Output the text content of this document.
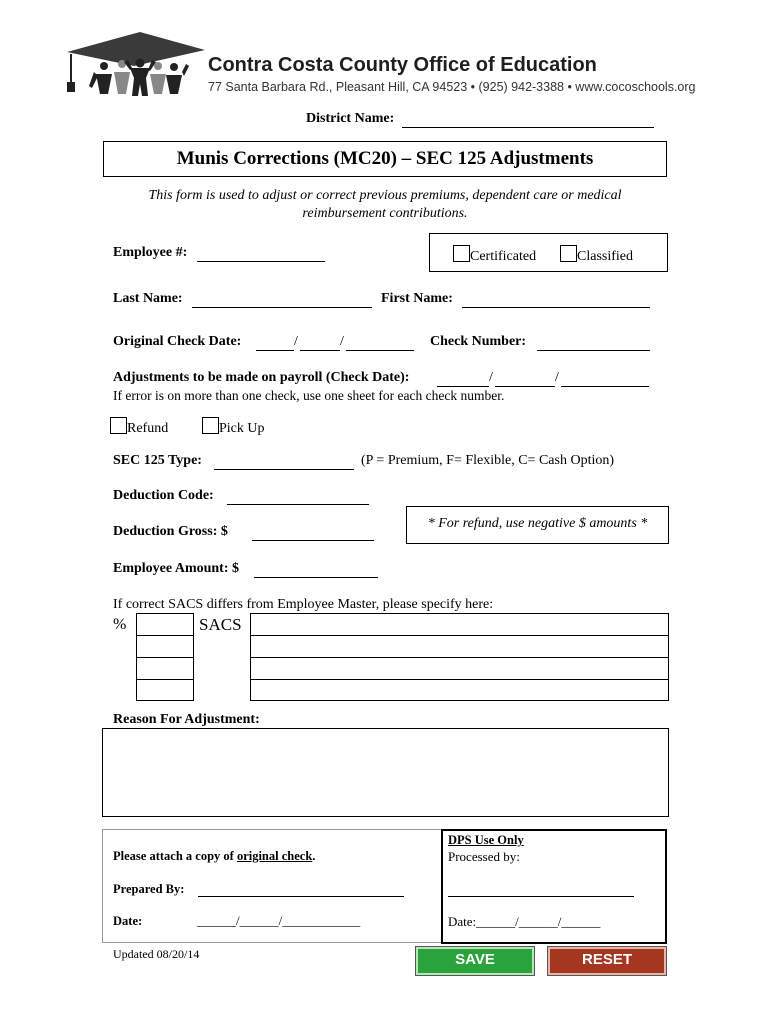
Contra Costa County Office of Education
77 Santa Barbara Rd., Pleasant Hill, CA 94523 • (925) 942-3388 • www.cocoschools.org
District Name:
Munis Corrections (MC20) – SEC 125 Adjustments
This form is used to adjust or correct previous premiums, dependent care or medical reimbursement contributions.
Employee #:	Certificated	Classified
Last Name:	First Name:
Original Check Date:	/	/	Check Number:
Adjustments to be made on payroll (Check Date):	/	/
If error is on more than one check, use one sheet for each check number.
Refund	Pick Up
SEC 125 Type:	(P = Premium, F= Flexible, C= Cash Option)
Deduction Code:
Deduction Gross: $
* For refund, use negative $ amounts *
Employee Amount: $
If correct SACS differs from Employee Master, please specify here:
%	SACS
Reason For Adjustment:
Please attach a copy of original check.
Prepared By:
Date:	______/______/____________
DPS Use Only
Processed by:
Date:______/______/______
Updated 08/20/14	SAVE	RESET
